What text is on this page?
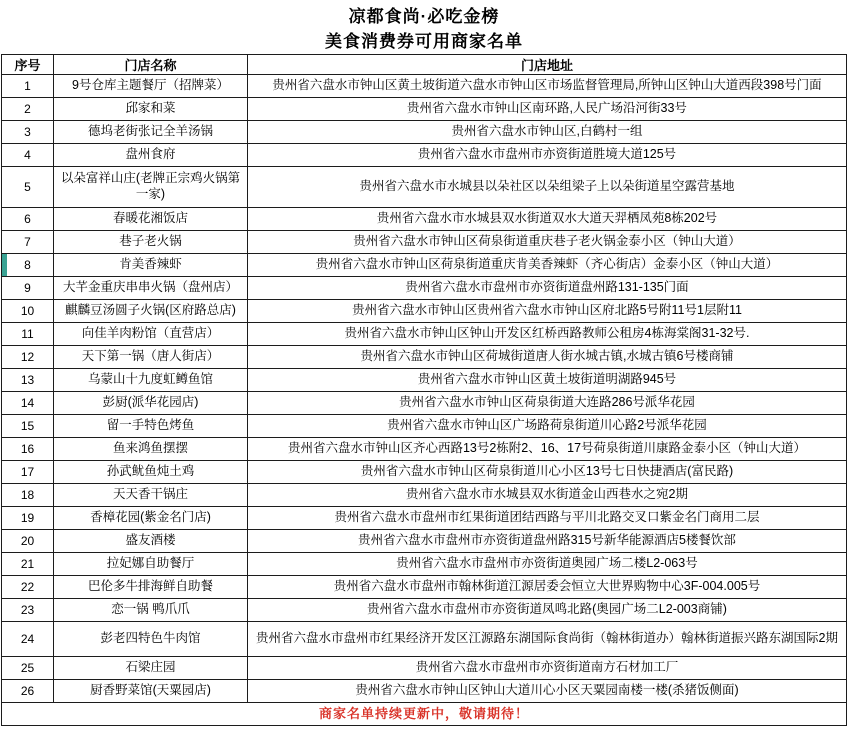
凉都食尚·必吃金榜
美食消费券可用商家名单
序号	门店名称	门店地址
1	9号仓库主题餐厅（招牌菜）	贵州省六盘水市钟山区黄土坡街道六盘水市钟山区市场监督管理局,所钟山区钟山大道西段398号门面
2	邱家和菜	贵州省六盘水市钟山区南环路,人民广场沿河街33号
3	德坞老街张记全羊汤锅	贵州省六盘水市钟山区,白鹤村一组
4	盘州食府	贵州省六盘水市盘州市亦资街道胜境大道125号
5	以朵富祥山庄(老牌正宗鸡火锅第一家)	贵州省六盘水市水城县以朵社区以朵组梁子上以朵街道星空露营基地
6	春暖花湘饭店	贵州省六盘水市水城县双水街道双水大道天羿栖凤苑8栋202号
7	巷子老火锅	贵州省六盘水市钟山区荷泉街道重庆巷子老火锅金泰小区（钟山大道）
8	肯美香辣虾	贵州省六盘水市钟山区荷泉街道重庆肯美香辣虾（齐心街店）金泰小区（钟山大道）
9	大芊金重庆串串火锅（盘州店）	贵州省六盘水市盘州市亦资街道盘州路131-135门面
10	麒麟豆汤圆子火锅(区府路总店)	贵州省六盘水市钟山区贵州省六盘水市钟山区府北路5号附11号1层附11
11	向佳羊肉粉馆（直营店）	贵州省六盘水市钟山区钟山开发区红桥西路教师公租房4栋海棠阁31-32号.
12	天下第一锅（唐人街店）	贵州省六盘水市钟山区荷城街道唐人街水城古镇,水城古镇6号楼商铺
13	乌蒙山十九度虹鳟鱼馆	贵州省六盘水市钟山区黄土坡街道明湖路945号
14	彭厨(派华花园店)	贵州省六盘水市钟山区荷泉街道大连路286号派华花园
15	留一手特色烤鱼	贵州省六盘水市钟山区广场路荷泉街道川心路2号派华花园
16	鱼来鸿鱼摆摆	贵州省六盘水市钟山区齐心西路13号2栋附2、16、17号荷泉街道川康路金泰小区（钟山大道）
17	孙武鱿鱼炖土鸡	贵州省六盘水市钟山区荷泉街道川心小区13号七日快捷酒店(富民路)
18	天天香干锅庄	贵州省六盘水市水城县双水街道金山西巷水之宛2期
19	香樟花园(紫金名门店)	贵州省六盘水市盘州市红果街道团结西路与平川北路交叉口紫金名门商用二层
20	盛友酒楼	贵州省六盘水市盘州市亦资街道盘州路315号新华能源酒店5楼餐饮部
21	拉妃娜自助餐厅	贵州省六盘水市盘州市亦资街道奥园广场二楼L2-063号
22	巴伦多牛排海鲜自助餐	贵州省六盘水市盘州市翰林街道江源居委会恒立大世界购物中心3F-004.005号
23	恋一锅 鸭爪爪	贵州省六盘水市盘州市亦资街道凤鸣北路(奥园广场二L2-003商铺)
24	彭老四特色牛肉馆	贵州省六盘水市盘州市红果经济开发区江源路东湖国际食尚街（翰林街道办）翰林街道振兴路东湖国际2期
25	石梁庄园	贵州省六盘水市盘州市亦资街道南方石材加工厂
26	厨香野菜馆(天粟园店)	贵州省六盘水市钟山区钟山大道川心小区天粟园南楼一楼(杀猪饭侧面)
商家名单持续更新中，敬请期待！		
